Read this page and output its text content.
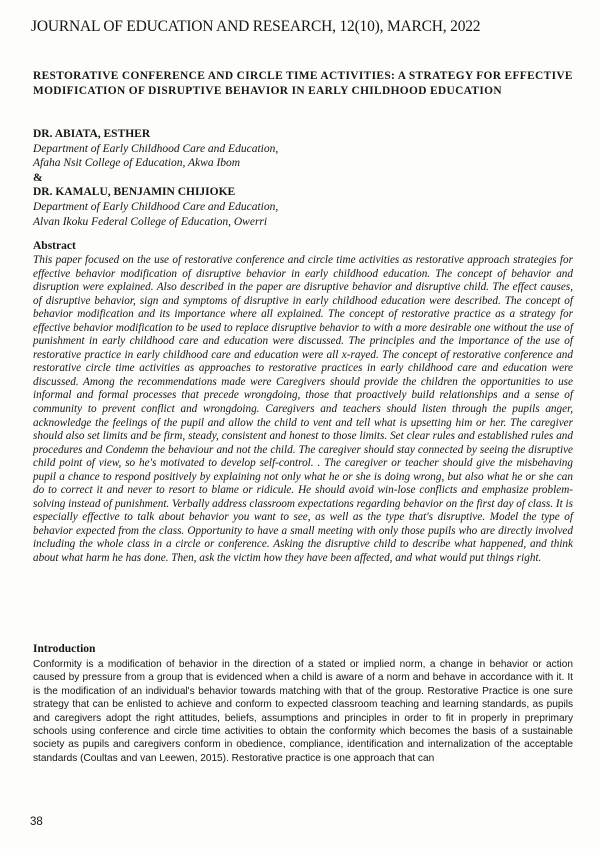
JOURNAL OF EDUCATION AND RESEARCH, 12(10), MARCH, 2022
RESTORATIVE CONFERENCE AND CIRCLE TIME ACTIVITIES: A STRATEGY FOR EFFECTIVE MODIFICATION OF DISRUPTIVE BEHAVIOR IN EARLY CHILDHOOD EDUCATION
DR. ABIATA, ESTHER
Department of Early Childhood Care and Education,
Afaha Nsit College of Education, Akwa Ibom
&
DR. KAMALU, BENJAMIN CHIJIOKE
Department of Early Childhood Care and Education,
Alvan Ikoku Federal College of Education, Owerri
Abstract

This paper focused on the use of restorative conference and circle time activities as restorative approach strategies for effective behavior modification of disruptive behavior in early childhood education. The concept of behavior and disruption were explained. Also described in the paper are disruptive behavior and disruptive child. The effect causes, of disruptive behavior, sign and symptoms of disruptive in early childhood education were described. The concept of behavior modification and its importance where all explained. The concept of restorative practice as a strategy for effective behavior modification to be used to replace disruptive behavior to with a more desirable one without the use of punishment in early childhood care and education were discussed. The principles and the importance of the use of restorative practice in early childhood care and education were all x-rayed. The concept of restorative conference and restorative circle time activities as approaches to restorative practices in early childhood care and education were discussed. Among the recommendations made were Caregivers should provide the children the opportunities to use informal and formal processes that precede wrongdoing, those that proactively build relationships and a sense of community to prevent conflict and wrongdoing. Caregivers and teachers should listen through the pupils anger, acknowledge the feelings of the pupil and allow the child to vent and tell what is upsetting him or her. The caregiver should also set limits and be firm, steady, consistent and honest to those limits. Set clear rules and established rules and procedures and Condemn the behaviour and not the child. The caregiver should stay connected by seeing the disruptive child point of view, so he's motivated to develop self-control. . The caregiver or teacher should give the misbehaving pupil a chance to respond positively by explaining not only what he or she is doing wrong, but also what he or she can do to correct it and never to resort to blame or ridicule. He should avoid win-lose conflicts and emphasize problem-solving instead of punishment. Verbally address classroom expectations regarding behavior on the first day of class. It is especially effective to talk about behavior you want to see, as well as the type that's disruptive. Model the type of behavior expected from the class. Opportunity to have a small meeting with only those pupils who are directly involved including the whole class in a circle or conference. Asking the disruptive child to describe what happened, and think about what harm he has done. Then, ask the victim how they have been affected, and what would put things right.

Introduction

Conformity is a modification of behavior in the direction of a stated or implied norm, a change in behavior or action caused by pressure from a group that is evidenced when a child is aware of a norm and behave in accordance with it. It is the modification of an individual's behavior towards matching with that of the group. Restorative Practice is one sure strategy that can be enlisted to achieve and conform to expected classroom teaching and learning standards, as pupils and caregivers adopt the right attitudes, beliefs, assumptions and principles in order to fit in properly in preprimary schools using conference and circle time activities to obtain the conformity which becomes the basis of a sustainable society as pupils and caregivers conform in obedience, compliance, identification and internalization of the acceptable standards (Coultas and van Leewen, 2015). Restorative practice is one approach that can

38
